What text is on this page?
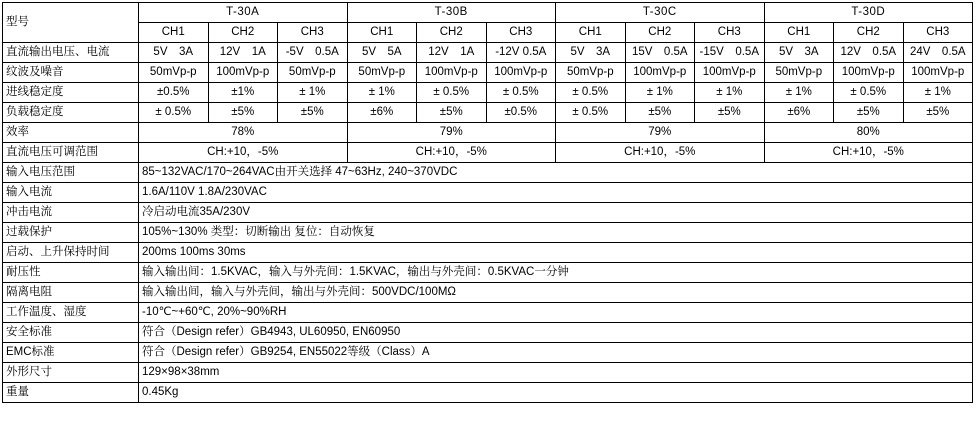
型号	T-30A			T-30B			T-30C			T-30D		
	CH1	CH2	CH3	CH1	CH2	CH3	CH1	CH2	CH3	CH1	CH2	CH3
直流输出电压、电流	5V　3A	12V　1A	-5V　0.5A	5V　5A	12V　1A	-12V 0.5A	5V　3A	15V　0.5A	-15V　0.5A	5V　3A	12V　0.5A	24V　0.5A
纹波及噪音	50mVp-p	100mVp-p	50mVp-p	50mVp-p	100mVp-p	100mVp-p	50mVp-p	100mVp-p	100mVp-p	50mVp-p	100mVp-p	100mVp-p
进线稳定度	±0.5%	±1%	± 1%	± 1%	± 0.5%	± 0.5%	± 0.5%	± 1%	± 1%	± 1%	± 0.5%	± 1%
负载稳定度	± 0.5%	±5%	±5%	±6%	±5%	±0.5%	± 0.5%	±5%	±5%	±6%	±5%	±5%
效率	78%			79%			79%			80%		
直流电压可调范围	CH:+10，-5%			CH:+10，-5%			CH:+10，-5%			CH:+10，-5%		
输入电压范围	85~132VAC/170~264VAC由开关选择 47~63Hz, 240~370VDC											
输入电流	1.6A/110V 1.8A/230VAC											
冲击电流	冷启动电流35A/230V											
过载保护	105%~130% 类型：切断输出 复位：自动恢复											
启动、上升保持时间	200ms 100ms 30ms											
耐压性	输入输出间：1.5KVAC，输入与外壳间：1.5KVAC，输出与外壳间：0.5KVAC一分钟											
隔离电阻	输入输出间，输入与外壳间，输出与外壳间：500VDC/100MΩ											
工作温度、湿度	-10℃~+60℃, 20%~90%RH											
安全标准	符合（Design refer）GB4943, UL60950, EN60950											
EMC标准	符合（Design refer）GB9254, EN55022等级（Class）A											
外形尺寸	129×98×38mm											
重量	0.45Kg											
